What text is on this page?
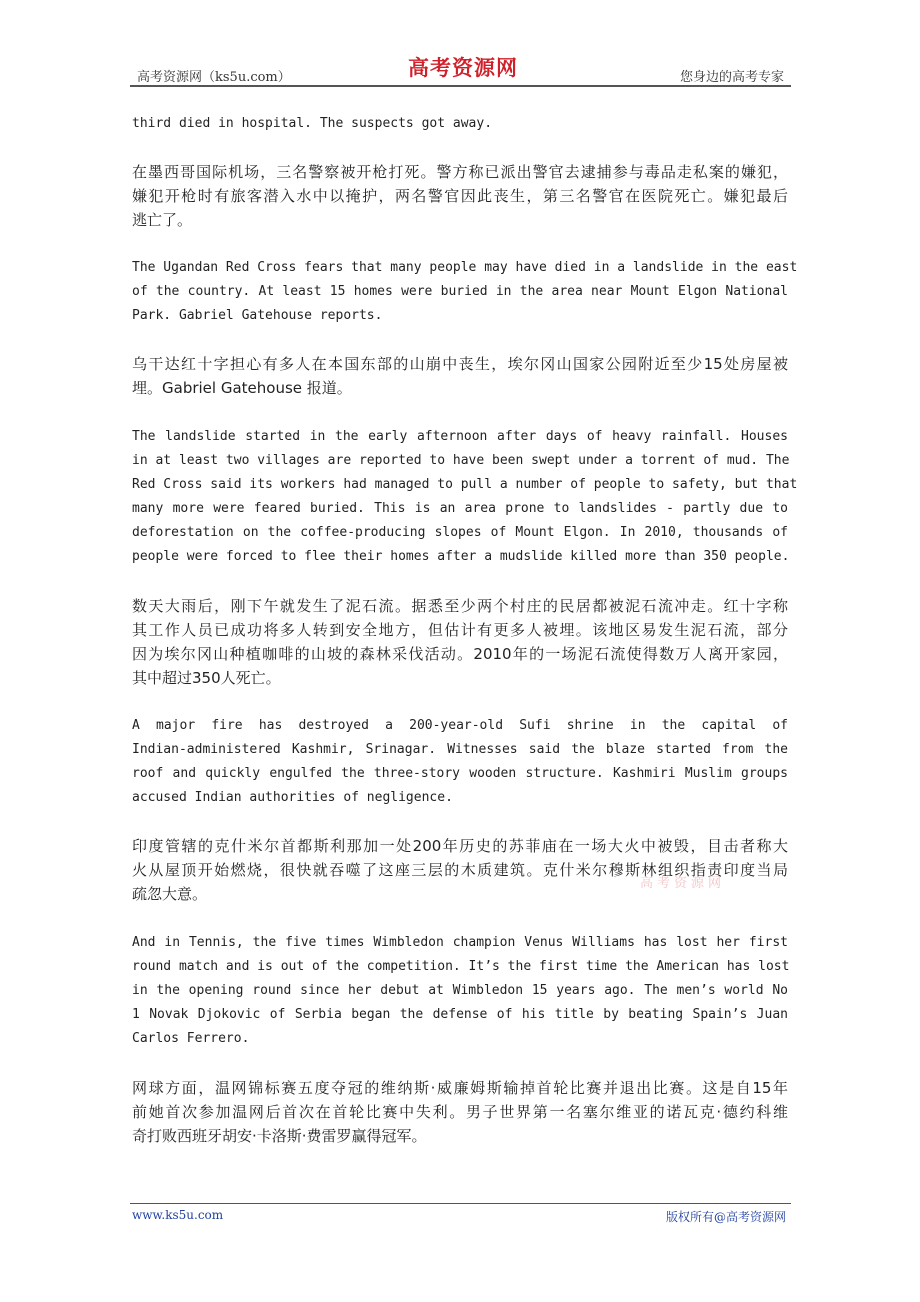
高考资源网（ks5u.com）	高考资源网	您身边的高考专家
third died in hospital. The suspects got away.
在墨西哥国际机场，三名警察被开枪打死。警方称已派出警官去逮捕参与毒品走私案的嫌犯，
嫌犯开枪时有旅客潜入水中以掩护，两名警官因此丧生，第三名警官在医院死亡。嫌犯最后
逃亡了。
The Ugandan Red Cross fears that many people may have died in a landslide in the east
of the country. At least 15 homes were buried in the area near Mount Elgon National
Park. Gabriel Gatehouse reports.
乌干达红十字担心有多人在本国东部的山崩中丧生，埃尔冈山国家公园附近至少15处房屋被
埋。Gabriel Gatehouse 报道。
The landslide started in the early afternoon after days of heavy rainfall. Houses
in at least two villages are reported to have been swept under a torrent of mud. The
Red Cross said its workers had managed to pull a number of people to safety, but that
many more were feared buried. This is an area prone to landslides - partly due to
deforestation on the coffee-producing slopes of Mount Elgon. In 2010, thousands of
people were forced to flee their homes after a mudslide killed more than 350 people.
数天大雨后，刚下午就发生了泥石流。据悉至少两个村庄的民居都被泥石流冲走。红十字称
其工作人员已成功将多人转到安全地方，但估计有更多人被埋。该地区易发生泥石流，部分
因为埃尔冈山种植咖啡的山坡的森林采伐活动。2010年的一场泥石流使得数万人离开家园，
其中超过350人死亡。
A major fire has destroyed a 200-year-old Sufi shrine in the capital of
Indian-administered Kashmir, Srinagar. Witnesses said the blaze started from the
roof and quickly engulfed the three-story wooden structure. Kashmiri Muslim groups
accused Indian authorities of negligence.
印度管辖的克什米尔首都斯利那加一处200年历史的苏菲庙在一场大火中被毁，目击者称大
火从屋顶开始燃烧，很快就吞噬了这座三层的木质建筑。克什米尔穆斯林组织指责印度当局
疏忽大意。
And in Tennis, the five times Wimbledon champion Venus Williams has lost her first
round match and is out of the competition. It’s the first time the American has lost
in the opening round since her debut at Wimbledon 15 years ago. The men’s world No
1 Novak Djokovic of Serbia began the defense of his title by beating Spain’s Juan
Carlos Ferrero.
网球方面，温网锦标赛五度夺冠的维纳斯·威廉姆斯输掉首轮比赛并退出比赛。这是自15年
前她首次参加温网后首次在首轮比赛中失利。男子世界第一名塞尔维亚的诺瓦克·德约科维
奇打败西班牙胡安·卡洛斯·费雷罗赢得冠军。
高考资源网
www.ks5u.com	版权所有@高考资源网
